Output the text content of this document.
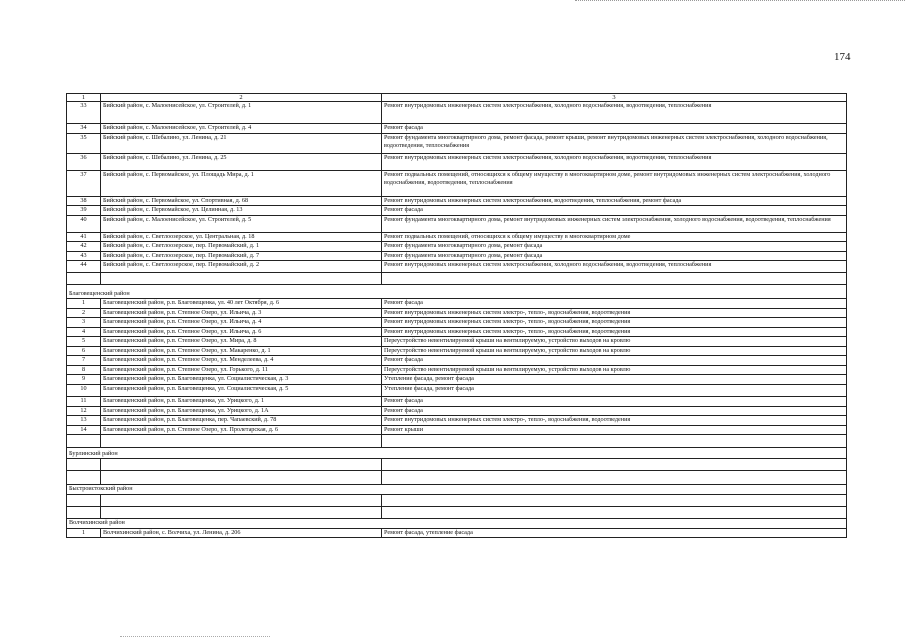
174
1	2	3
33	Бийский район, с. Малоенисейское, ул. Строителей, д. 1	Ремонт внутридомовых инженерных систем электроснабжения, холодного водоснабжения, водоотведения, теплоснабжения
34	Бийский район, с. Малоенисейское, ул. Строителей, д. 4	Ремонт фасада
35	Бийский район, с. Шебалино, ул. Ленина, д. 21	Ремонт фундамента многоквартирного дома, ремонт фасада, ремонт крыши, ремонт внутридомовых инженерных систем электроснабжения, холодного водоснабжения, водоотведения, теплоснабжения
36	Бийский район, с. Шебалино, ул. Ленина, д. 25	Ремонт внутридомовых инженерных систем электроснабжения, холодного водоснабжения, водоотведения, теплоснабжения
37	Бийский район, с. Первомайское, ул. Площадь Мира, д. 1	Ремонт подвальных помещений, относящихся к общему имуществу в многоквартирном доме, ремонт внутридомовых инженерных систем электроснабжения, холодного водоснабжения, водоотведения, теплоснабжения
38	Бийский район, с. Первомайское, ул. Спортивная, д. 68	Ремонт внутридомовых инженерных систем электроснабжения, водоотведения, теплоснабжения, ремонт фасада
39	Бийский район, с. Первомайское, ул. Целинная, д. 13	Ремонт фасада
40	Бийский район, с. Малоенисейское, ул. Строителей, д. 5	Ремонт фундамента многоквартирного дома, ремонт внутридомовых инженерных систем электроснабжения, холодного водоснабжения, водоотведения, теплоснабжения
41	Бийский район, с. Светлоозерское, ул. Центральная, д. 18	Ремонт подвальных помещений, относящихся к общему имуществу в многоквартирном доме
42	Бийский район, с. Светлоозерское, пер. Первомайский, д. 1	Ремонт фундамента многоквартирного дома, ремонт фасада
43	Бийский район, с. Светлоозерское, пер. Первомайский, д. 7	Ремонт фундамента многоквартирного дома, ремонт фасада
44	Бийский район, с. Светлоозерское, пер. Первомайский, д. 2	Ремонт внутридомовых инженерных систем электроснабжения, холодного водоснабжения, водоотведения, теплоснабжения

Благовещенский район		
1	Благовещенский район, р.п. Благовещенка, ул. 40 лет Октября, д. 6	Ремонт фасада
2	Благовещенский район, р.п. Степное Озеро, ул. Ильича, д. 3	Ремонт внутридомовых инженерных систем электро-, тепло-, водоснабжения, водоотведения
3	Благовещенский район, р.п. Степное Озеро, ул. Ильича, д. 4	Ремонт внутридомовых инженерных систем электро-, тепло-, водоснабжения, водоотведения
4	Благовещенский район, р.п. Степное Озеро, ул. Ильича, д. 6	Ремонт внутридомовых инженерных систем электро-, тепло-, водоснабжения, водоотведения
5	Благовещенский район, р.п. Степное Озеро, ул. Мира, д. 8	Переустройство невентилируемой крыши на вентилируемую, устройство выходов на кровлю
6	Благовещенский район, р.п. Степное Озеро, ул. Макаренко, д. 1	Переустройство невентилируемой крыши на вентилируемую, устройство выходов на кровлю
7	Благовещенский район, р.п. Степное Озеро, ул. Менделеева, д. 4	Ремонт фасада
8	Благовещенский район, р.п. Степное Озеро, ул. Горького, д. 11	Переустройство невентилируемой крыши на вентилируемую, устройство выходов на кровлю
9	Благовещенский район, р.п. Благовещенка, ул. Социалистическая, д. 3	Утепление фасада, ремонт фасада
10	Благовещенский район, р.п. Благовещенка, ул. Социалистическая, д. 5	Утепление фасада, ремонт фасада
11	Благовещенский район, р.п. Благовещенка, ул. Урицкого, д. 1	Ремонт фасада
12	Благовещенский район, р.п. Благовещенка, ул. Урицкого, д. 1А	Ремонт фасада
13	Благовещенский район, р.п. Благовещенка, пер. Чапаевский, д. 78	Ремонт внутридомовых инженерных систем электро-, тепло-, водоснабжения, водоотведения
14	Благовещенский район, р.п. Степное Озеро, ул. Пролетарская, д. 6	Ремонт крыши

Бурлинский район		

Быстроистокский район		

Волчихинский район		
1	Волчихинский район, с. Волчиха, ул. Ленина, д. 206	Ремонт фасада, утепление фасада
